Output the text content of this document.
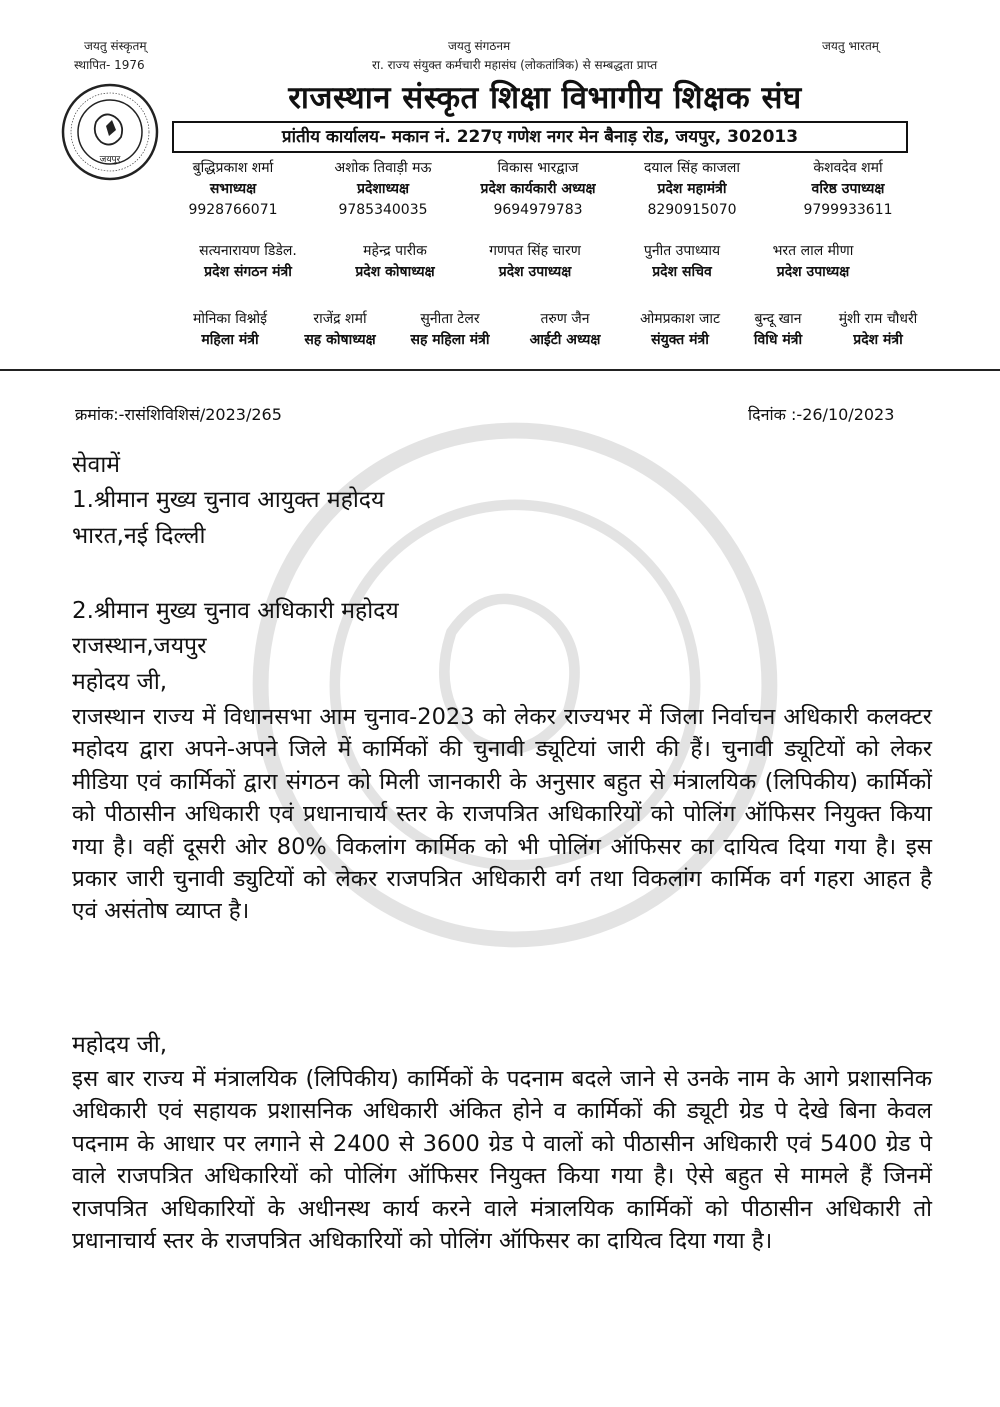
जयतु संस्कृतम्
स्थापित- 1976
जयतु संगठनम
रा. राज्य संयुक्त कर्मचारी महासंघ (लोकतांत्रिक) से सम्बद्धता प्राप्त
जयतु भारतम्
जयपुर
राजस्थान संस्कृत शिक्षा विभागीय शिक्षक संघ
प्रांतीय कार्यालय- मकान नं. 227ए गणेश नगर मेन बैनाड़ रोड, जयपुर, 302013
बुद्धिप्रकाश शर्मा
सभाध्यक्ष
9928766071
अशोक तिवाड़ी मऊ
प्रदेशाध्यक्ष
9785340035
विकास भारद्वाज
प्रदेश कार्यकारी अध्यक्ष
9694979783
दयाल सिंह काजला
प्रदेश महामंत्री
8290915070
केशवदेव शर्मा
वरिष्ठ उपाध्यक्ष
9799933611
सत्यनारायण डिडेल.
प्रदेश संगठन मंत्री
महेन्द्र पारीक
प्रदेश कोषाध्यक्ष
गणपत सिंह चारण
प्रदेश उपाध्यक्ष
पुनीत उपाध्याय
प्रदेश सचिव
भरत लाल मीणा
प्रदेश उपाध्यक्ष
मोनिका विश्नोई
महिला मंत्री
राजेंद्र शर्मा
सह कोषाध्यक्ष
सुनीता टेलर
सह महिला मंत्री
तरुण जैन
आईटी अध्यक्ष
ओमप्रकाश जाट
संयुक्त मंत्री
बुन्दू खान
विधि मंत्री
मुंशी राम चौधरी
प्रदेश मंत्री
क्रमांक:-रासंशिविशिसं/2023/265	दिनांक :-26/10/2023
सेवामें
1.श्रीमान मुख्य चुनाव आयुक्त महोदय
भारत,नई दिल्ली
2.श्रीमान मुख्य चुनाव अधिकारी महोदय
राजस्थान,जयपुर
महोदय जी,
राजस्थान राज्य में विधानसभा आम चुनाव-2023 को लेकर राज्यभर में जिला निर्वाचन अधिकारी कलक्टर महोदय द्वारा अपने-अपने जिले में कार्मिकों की चुनावी ड्यूटियां जारी की हैं। चुनावी ड्यूटियों को लेकर मीडिया एवं कार्मिकों द्वारा संगठन को मिली जानकारी के अनुसार बहुत से मंत्रालयिक (लिपिकीय) कार्मिकों को पीठासीन अधिकारी एवं प्रधानाचार्य स्तर के राजपत्रित अधिकारियों को पोलिंग ऑफिसर नियुक्त किया गया है। वहीं दूसरी ओर 80% विकलांग कार्मिक को भी पोलिंग ऑफिसर का दायित्व दिया गया है। इस प्रकार जारी चुनावी ड्युटियों को लेकर राजपत्रित अधिकारी वर्ग तथा विकलांग कार्मिक वर्ग गहरा आहत है एवं असंतोष व्याप्त है।
महोदय जी,
इस बार राज्य में मंत्रालयिक (लिपिकीय) कार्मिकों के पदनाम बदले जाने से उनके नाम के आगे प्रशासनिक अधिकारी एवं सहायक प्रशासनिक अधिकारी अंकित होने व कार्मिकों की ड्यूटी ग्रेड पे देखे बिना केवल पदनाम के आधार पर लगाने से 2400 से 3600 ग्रेड पे वालों को पीठासीन अधिकारी एवं 5400 ग्रेड पे वाले राजपत्रित अधिकारियों को पोलिंग ऑफिसर नियुक्त किया गया है। ऐसे बहुत से मामले हैं जिनमें राजपत्रित अधिकारियों के अधीनस्थ कार्य करने वाले मंत्रालयिक कार्मिकों को पीठासीन अधिकारी तो प्रधानाचार्य स्तर के राजपत्रित अधिकारियों को पोलिंग ऑफिसर का दायित्व दिया गया है।
